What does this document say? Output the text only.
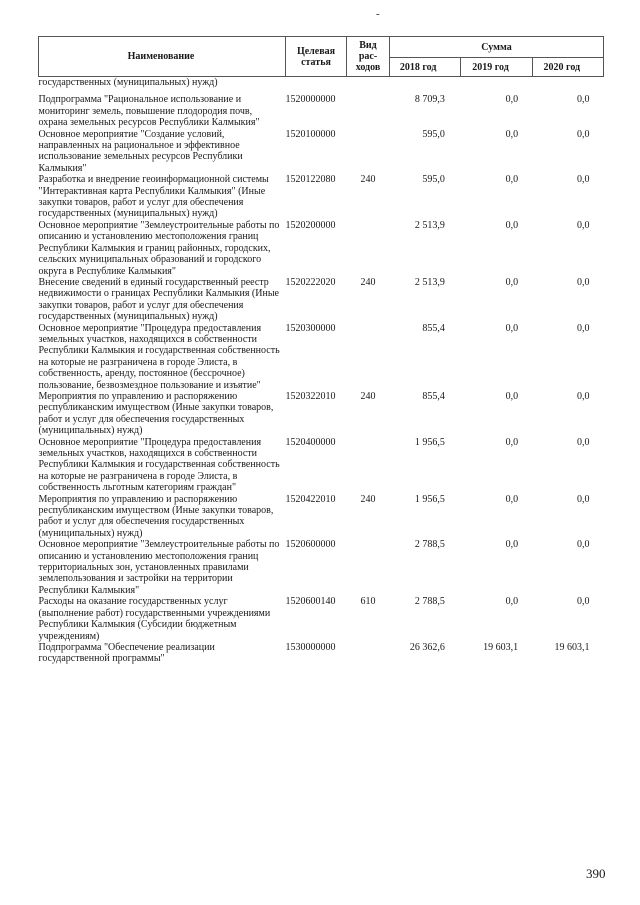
-
Наименование	Целевая статья	Вид рас-ходов	Сумма		
			2018 год	2019 год	2020 год
государственных (муниципальных) нужд)					
Подпрограмма "Рациональное использование и мониторинг земель, повышение плодородия почв, охрана земельных ресурсов Республики Калмыкия"	1520000000		8 709,3	0,0	0,0
Основное мероприятие "Создание условий, направленных на рациональное и эффективное использование земельных ресурсов Республики Калмыкия"	1520100000		595,0	0,0	0,0
Разработка и внедрение геоинформационной системы "Интерактивная карта Республики Калмыкия" (Иные закупки товаров, работ и услуг для обеспечения государственных (муниципальных) нужд)	1520122080	240	595,0	0,0	0,0
Основное мероприятие "Землеустроительные работы по описанию и установлению местоположения границ Республики Калмыкия и границ районных, городских, сельских муниципальных образований и городского округа в Республике Калмыкия"	1520200000		2 513,9	0,0	0,0
Внесение сведений в единый государственный реестр недвижимости о границах Республики Калмыкия (Иные закупки товаров, работ и услуг для обеспечения государственных (муниципальных) нужд)	1520222020	240	2 513,9	0,0	0,0
Основное мероприятие "Процедура предоставления земельных участков, находящихся в собственности Республики Калмыкия и государственная собственность на которые не разграничена в городе Элиста, в собственность, аренду, постоянное (бессрочное) пользование, безвозмездное пользование и изъятие"	1520300000		855,4	0,0	0,0
Мероприятия по управлению и распоряжению республиканским имуществом (Иные закупки товаров, работ и услуг для обеспечения государственных (муниципальных) нужд)	1520322010	240	855,4	0,0	0,0
Основное мероприятие "Процедура предоставления земельных участков, находящихся в собственности Республики Калмыкия и государственная собственность на которые не разграничена в городе Элиста, в собственность льготным категориям граждан"	1520400000		1 956,5	0,0	0,0
Мероприятия по управлению и распоряжению республиканским имуществом (Иные закупки товаров, работ и услуг для обеспечения государственных (муниципальных) нужд)	1520422010	240	1 956,5	0,0	0,0
Основное мероприятие "Землеустроительные работы по описанию и установлению местоположения границ территориальных зон, установленных правилами землепользования и застройки на территории Республики Калмыкия"	1520600000		2 788,5	0,0	0,0
Расходы на оказание государственных услуг (выполнение работ) государственными учреждениями Республики Калмыкия (Субсидии бюджетным учреждениям)	1520600140	610	2 788,5	0,0	0,0
Подпрограмма "Обеспечение реализации государственной программы"	1530000000		26 362,6	19 603,1	19 603,1
390
